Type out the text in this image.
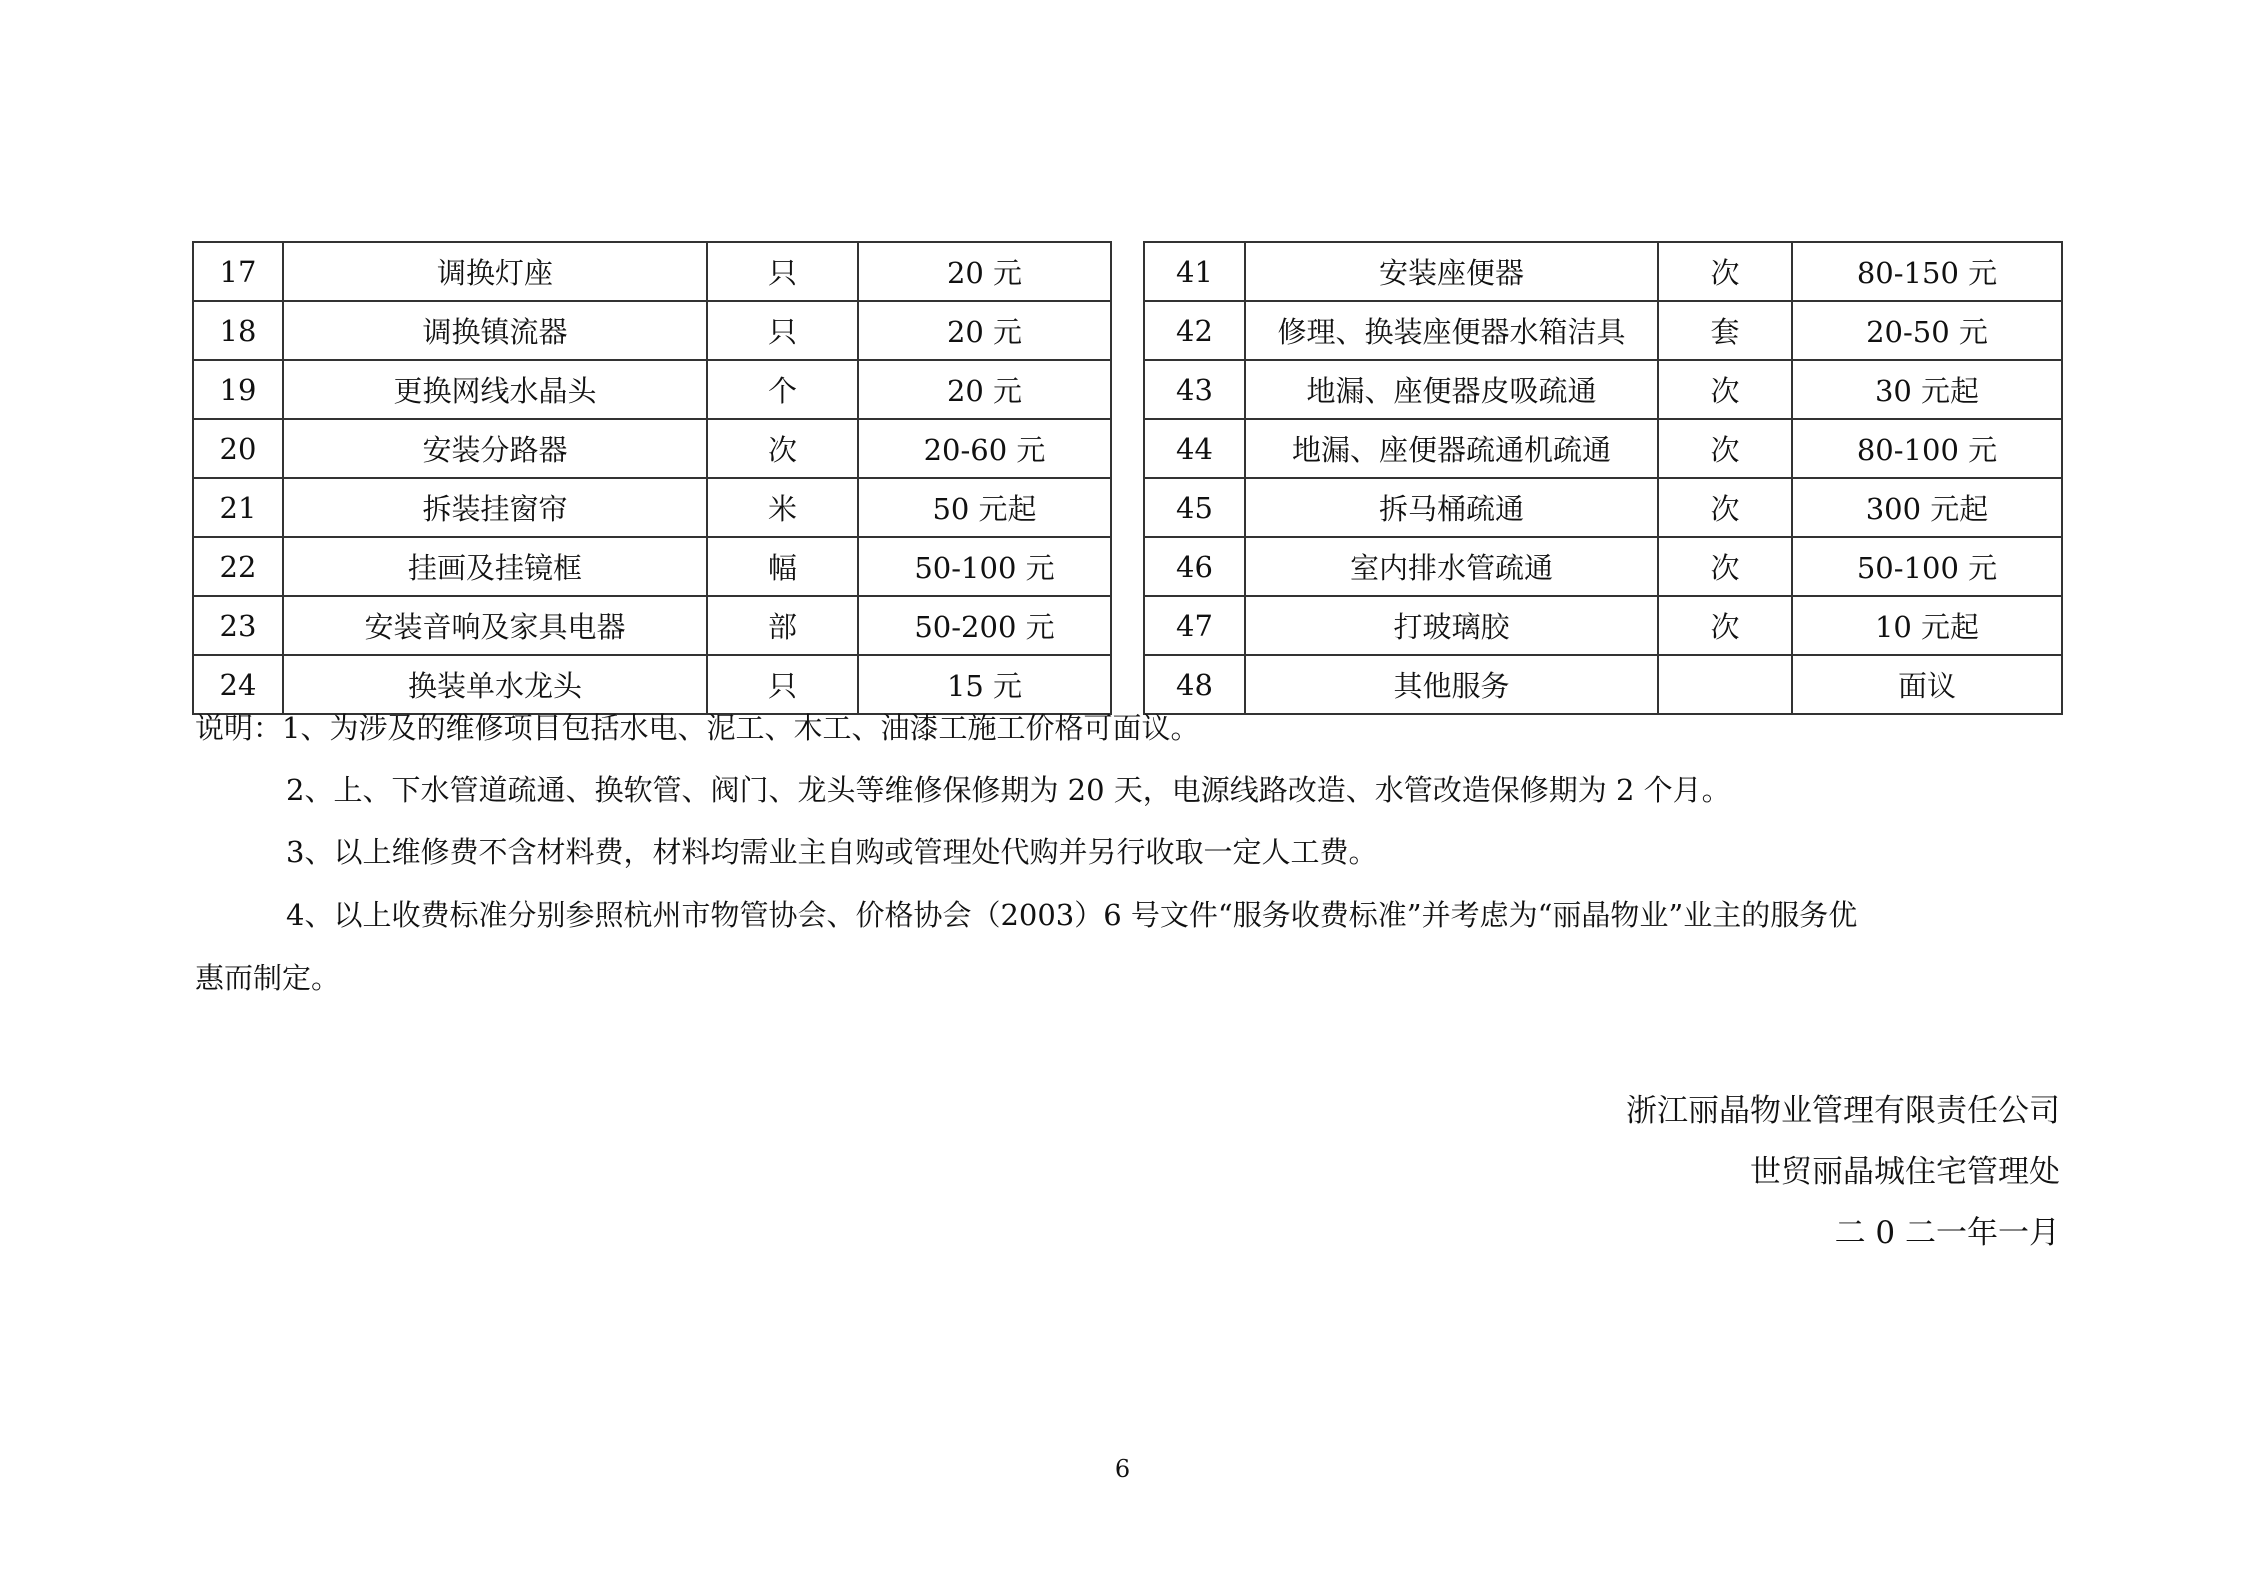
17	调换灯座	只	20 元
18	调换镇流器	只	20 元
19	更换网线水晶头	个	20 元
20	安装分路器	次	20-60 元
21	拆装挂窗帘	米	50 元起
22	挂画及挂镜框	幅	50-100 元
23	安装音响及家具电器	部	50-200 元
24	换装单水龙头	只	15 元
41	安装座便器	次	80-150 元
42	修理、换装座便器水箱洁具	套	20-50 元
43	地漏、座便器皮吸疏通	次	30 元起
44	地漏、座便器疏通机疏通	次	80-100 元
45	拆马桶疏通	次	300 元起
46	室内排水管疏通	次	50-100 元
47	打玻璃胶	次	10 元起
48	其他服务		面议
说明：1、为涉及的维修项目包括水电、泥工、木工、油漆工施工价格可面议。
2、上、下水管道疏通、换软管、阀门、龙头等维修保修期为 20 天，电源线路改造、水管改造保修期为 2 个月。
3、以上维修费不含材料费，材料均需业主自购或管理处代购并另行收取一定人工费。
4、以上收费标准分别参照杭州市物管协会、价格协会（2003）6 号文件“服务收费标准”并考虑为“丽晶物业”业主的服务优
惠而制定。
浙江丽晶物业管理有限责任公司
世贸丽晶城住宅管理处
二 0 二一年一月
6
